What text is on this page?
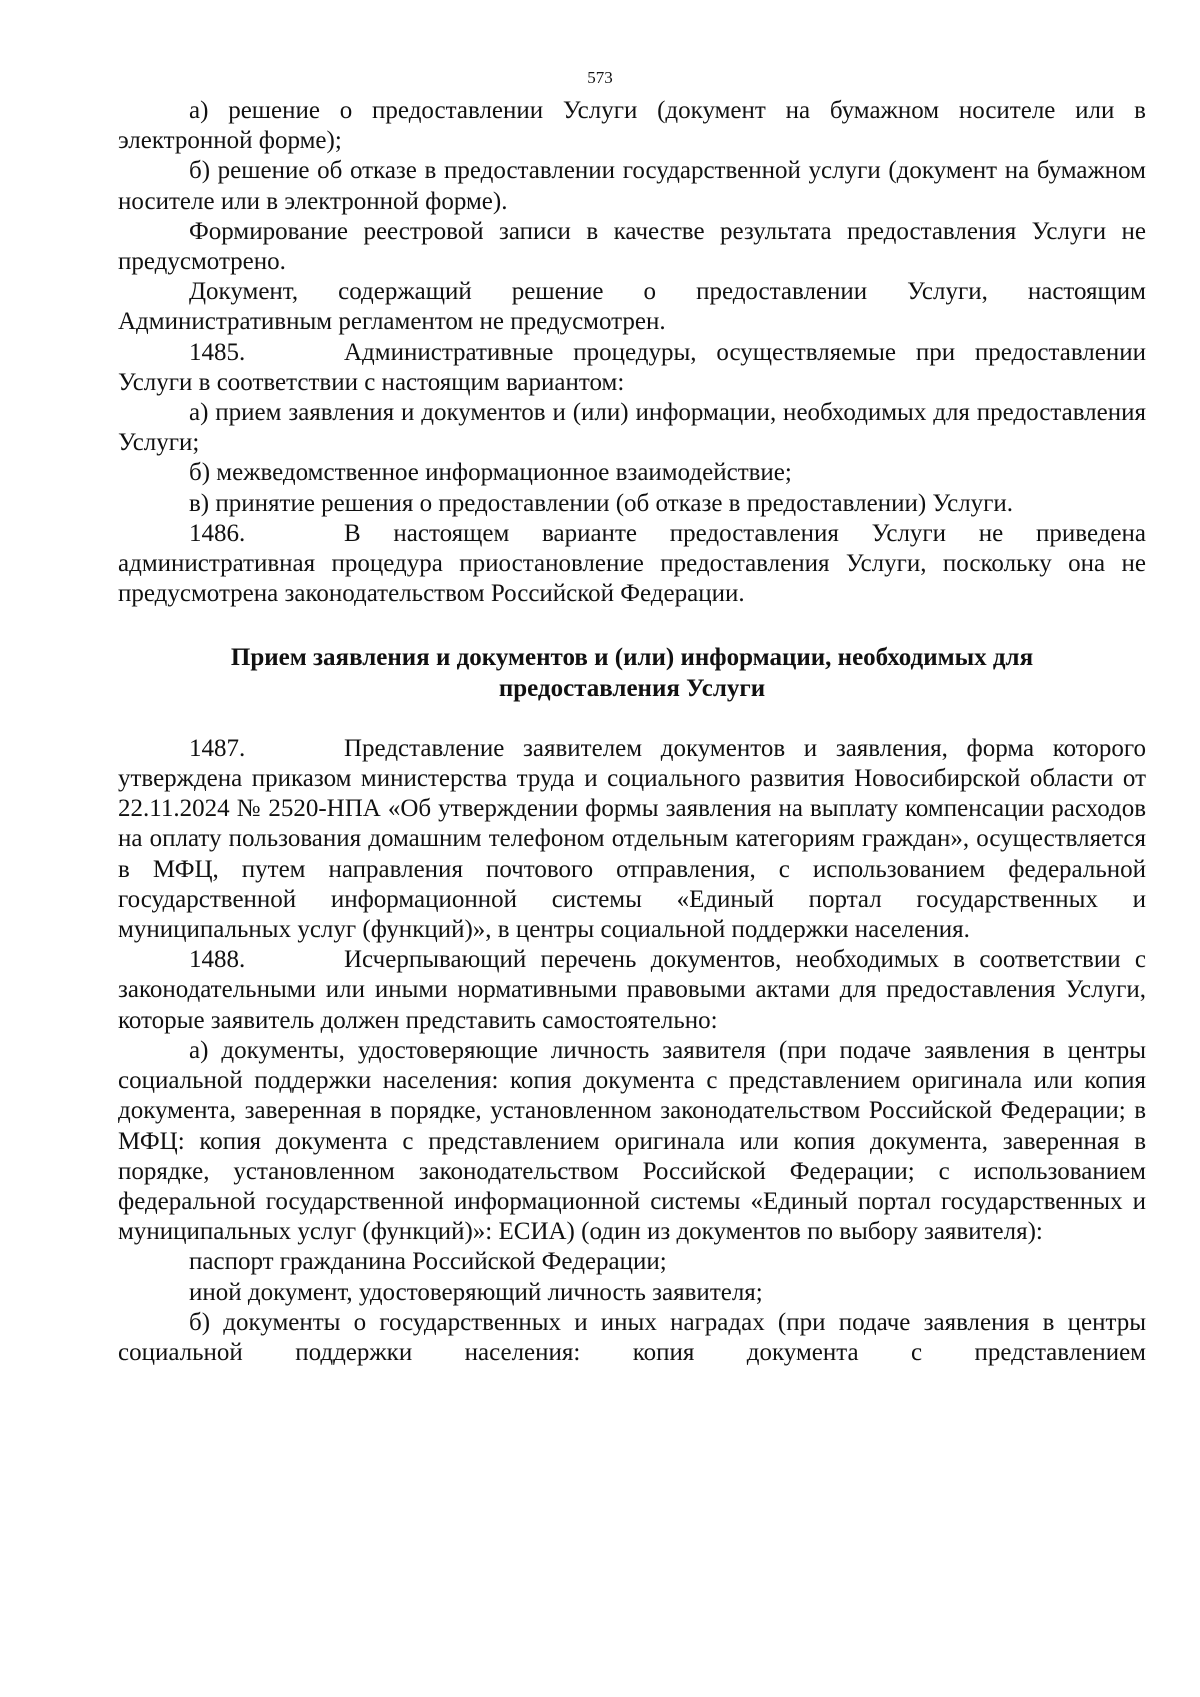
573

а) решение о предоставлении Услуги (документ на бумажном носителе или в электронной форме);

б) решение об отказе в предоставлении государственной услуги (документ на бумажном носителе или в электронной форме).

Формирование реестровой записи в качестве результата предоставления Услуги не предусмотрено.

Документ, содержащий решение о предоставлении Услуги, настоящим Административным регламентом не предусмотрен.

1485.	Административные процедуры, осуществляемые при предоставлении Услуги в соответствии с настоящим вариантом:

а) прием заявления и документов и (или) информации, необходимых для предоставления Услуги;

б) межведомственное информационное взаимодействие;

в) принятие решения о предоставлении (об отказе в предоставлении) Услуги.

1486.	В настоящем варианте предоставления Услуги не приведена административная процедура приостановление предоставления Услуги, поскольку она не предусмотрена законодательством Российской Федерации.

Прием заявления и документов и (или) информации, необходимых для
предоставления Услуги

1487.	Представление заявителем документов и заявления, форма которого утверждена приказом министерства труда и социального развития Новосибирской области от 22.11.2024 № 2520-НПА «Об утверждении формы заявления на выплату компенсации расходов на оплату пользования домашним телефоном отдельным категориям граждан», осуществляется в МФЦ, путем направления почтового отправления, с использованием федеральной государственной информационной системы «Единый портал государственных и муниципальных услуг (функций)», в центры социальной поддержки населения.

1488.	Исчерпывающий перечень документов, необходимых в соответствии с законодательными или иными нормативными правовыми актами для предоставления Услуги, которые заявитель должен представить самостоятельно:

а) документы, удостоверяющие личность заявителя (при подаче заявления в центры социальной поддержки населения: копия документа с представлением оригинала или копия документа, заверенная в порядке, установленном законодательством Российской Федерации; в МФЦ: копия документа с представлением оригинала или копия документа, заверенная в порядке, установленном законодательством Российской Федерации; с использованием федеральной государственной информационной системы «Единый портал государственных и муниципальных услуг (функций)»: ЕСИА) (один из документов по выбору заявителя):

паспорт гражданина Российской Федерации;

иной документ, удостоверяющий личность заявителя;

б) документы о государственных и иных наградах (при подаче заявления в центры социальной поддержки населения: копия документа с представлением
